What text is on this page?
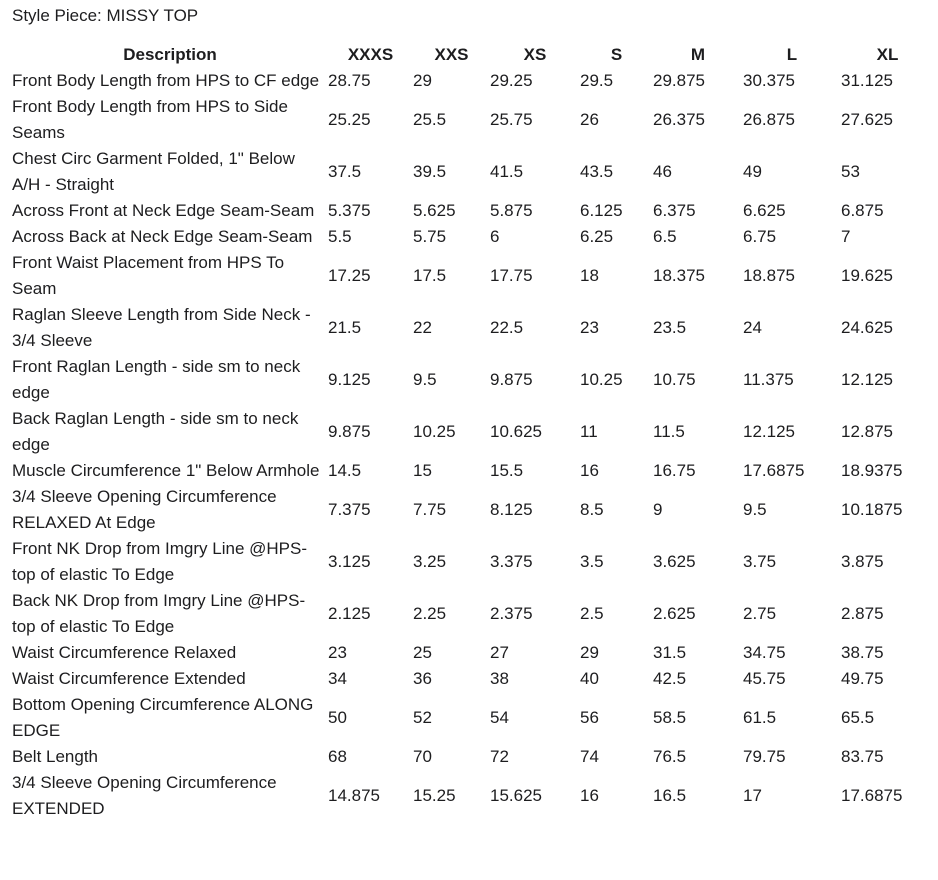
Style Piece: MISSY TOP
Description	XXXS	XXS	XS	S	M	L	XL
Front Body Length from HPS to CF edge	28.75	29	29.25	29.5	29.875	30.375	31.125
Front Body Length from HPS to Side Seams	25.25	25.5	25.75	26	26.375	26.875	27.625
Chest Circ Garment Folded, 1" Below A/H - Straight	37.5	39.5	41.5	43.5	46	49	53
Across Front at Neck Edge Seam-Seam	5.375	5.625	5.875	6.125	6.375	6.625	6.875
Across Back at Neck Edge Seam-Seam	5.5	5.75	6	6.25	6.5	6.75	7
Front Waist Placement from HPS To Seam	17.25	17.5	17.75	18	18.375	18.875	19.625
Raglan Sleeve Length from Side Neck - 3/4 Sleeve	21.5	22	22.5	23	23.5	24	24.625
Front Raglan Length - side sm to neck edge	9.125	9.5	9.875	10.25	10.75	11.375	12.125
Back Raglan Length - side sm to neck edge	9.875	10.25	10.625	11	11.5	12.125	12.875
Muscle Circumference 1" Below Armhole	14.5	15	15.5	16	16.75	17.6875	18.9375
3/4 Sleeve Opening Circumference RELAXED At Edge	7.375	7.75	8.125	8.5	9	9.5	10.1875
Front NK Drop from Imgry Line @HPS-top of elastic To Edge	3.125	3.25	3.375	3.5	3.625	3.75	3.875
Back NK Drop from Imgry Line @HPS-top of elastic To Edge	2.125	2.25	2.375	2.5	2.625	2.75	2.875
Waist Circumference Relaxed	23	25	27	29	31.5	34.75	38.75
Waist Circumference Extended	34	36	38	40	42.5	45.75	49.75
Bottom Opening Circumference ALONG EDGE	50	52	54	56	58.5	61.5	65.5
Belt Length	68	70	72	74	76.5	79.75	83.75
3/4 Sleeve Opening Circumference EXTENDED	14.875	15.25	15.625	16	16.5	17	17.6875
